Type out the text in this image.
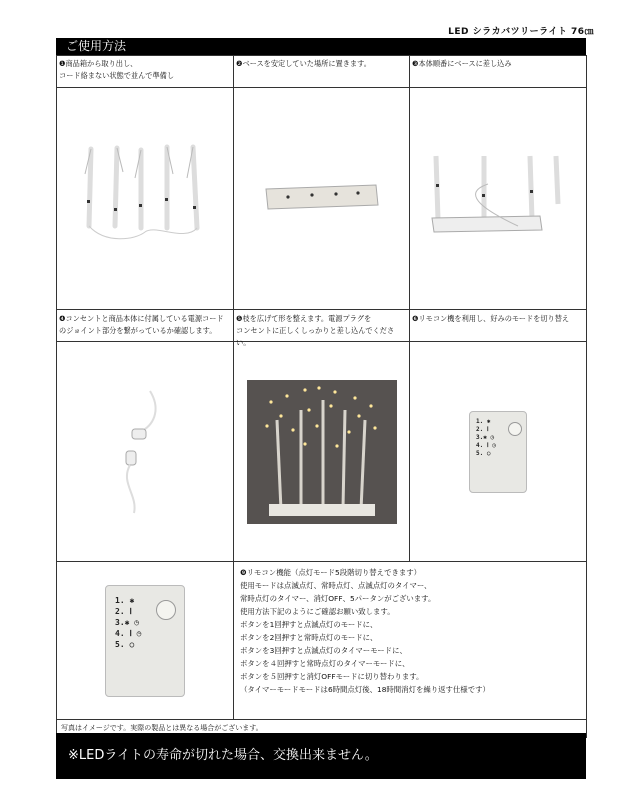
LED シラカバツリーライト 76㎝
ご使用方法
❶商品箱から取り出し、
コード絡まない状態で並んで準備し
❷ベースを安定していた場所に置きます。	❸本体順番にベースに差し込み
❹コンセントと商品本体に付属している電源コード
のジョイント部分を繋がっているか確認します。
❺枝を広げて形を整えます。電源プラグを
コンセントに正しくしっかりと差し込んでください。
❻リモコン機を利用し、好みのモードを切り替え
1. ✱
2. Ⅰ
3.✱ ◷
4. Ⅰ ◷
5. ○
1. ✱
2. Ⅰ
3.✱ ◷
4. Ⅰ ◷
5. ○
❾リモコン機能（点灯モード5段階切り替えできます）
使用モードは点滅点灯、常時点灯、点滅点灯のタイマー、
常時点灯のタイマー、消灯OFF、5パータンがございます。
使用方法下記のようにご確認お願い致します。
ボタンを1回押すと点滅点灯のモードに、
ボタンを2回押すと常時点灯のモードに、
ボタンを3回押すと点滅点灯のタイマーモードに、
ボタンを４回押すと常時点灯のタイマーモードに、
ボタンを５回押すと消灯OFFモードに切り替わります。
（タイマーモードモードは6時間点灯後、18時間消灯を繰り返す仕様です）
写真はイメージです。実際の製品とは異なる場合がございます。
※LEDライトの寿命が切れた場合、交換出来ません。
